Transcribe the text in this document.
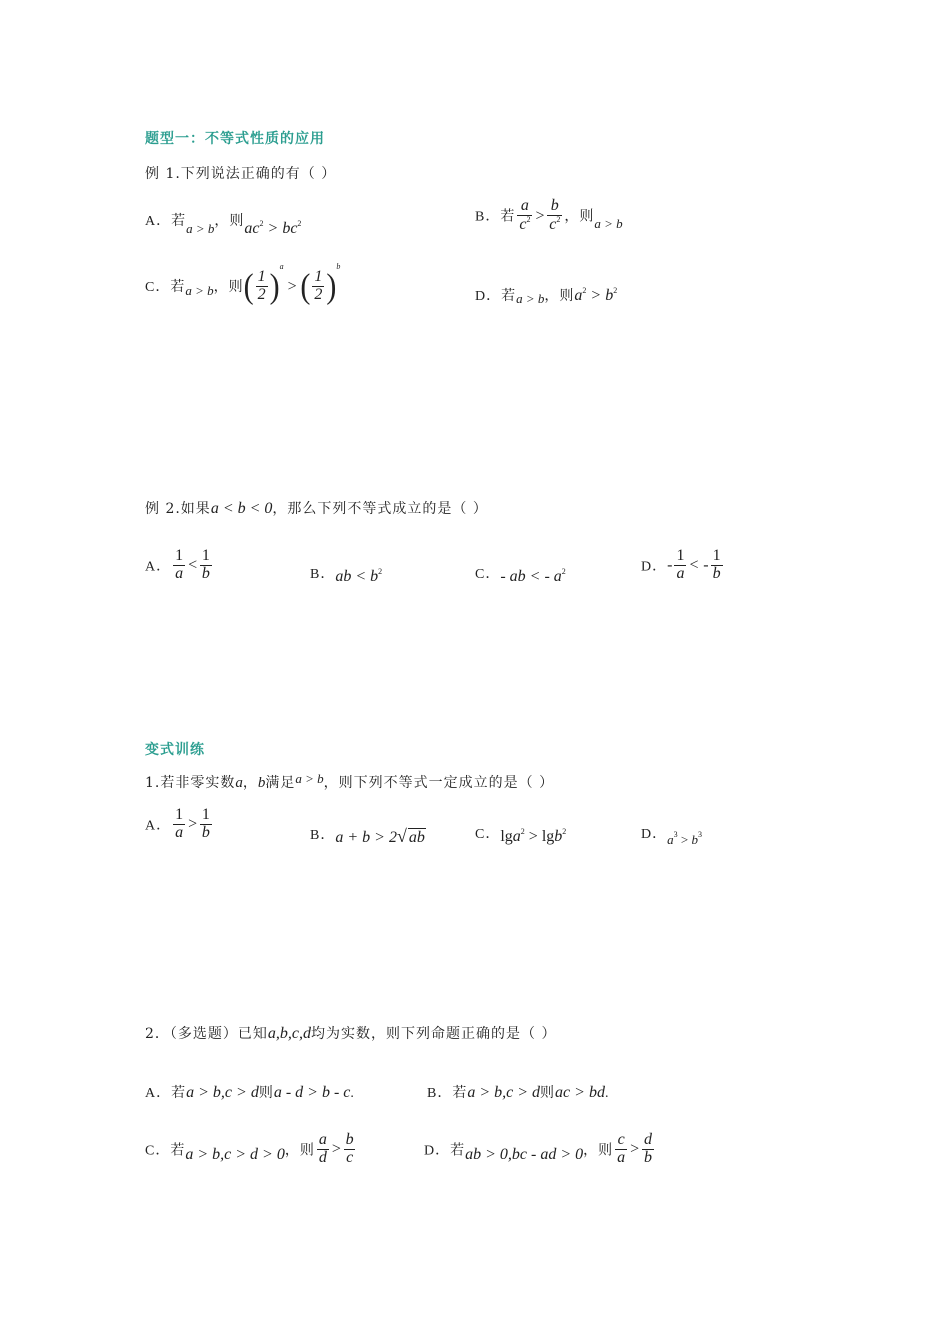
题型一：不等式性质的应用
例 1.下列说法正确的有（ ）
A．若$_{a > b}$，则$ac^2 > bc^2$	B．若 $\frac{a}{c^2} > \frac{b}{c^2}$ ，则$_{a > b}$
C．若$_{a > b}$，则( $\frac{1}{2} )^a>$ ( $\frac{1}{2} )^b$
D．若a > b，则$a^2 > b^2$
例 2.如果a < b < 0，那么下列不等式成立的是（ ）
A． $\frac{1}{a} < \frac{1}{b}$	B．ab < $b^2$	C．- ab < - $a^2$	D．- $\frac{1}{a}$ < - $\frac{1}{b}$
变式训练
1.若非零实数a，b满足$^{a > b}$，则下列不等式一定成立的是（ ）
A． $\frac{1}{a} > \frac{1}{b}$	B．a + b > 2√ ab	C．lga$^2$ > lgb$^2$	D．$_{a^3 > b^3}$
2．（多选题）已知a,b,c,d均为实数，则下列命题正确的是（ ）
A．若a > b,c > d则a - d > b - c.	B．若a > b,c > d则ac > bd.
C．若a > b,c > d > 0，则 $\frac{a}{d} > \frac{b}{c}$	D．若ab > 0,bc - ad > 0，则 $\frac{c}{a} > \frac{d}{b}$
